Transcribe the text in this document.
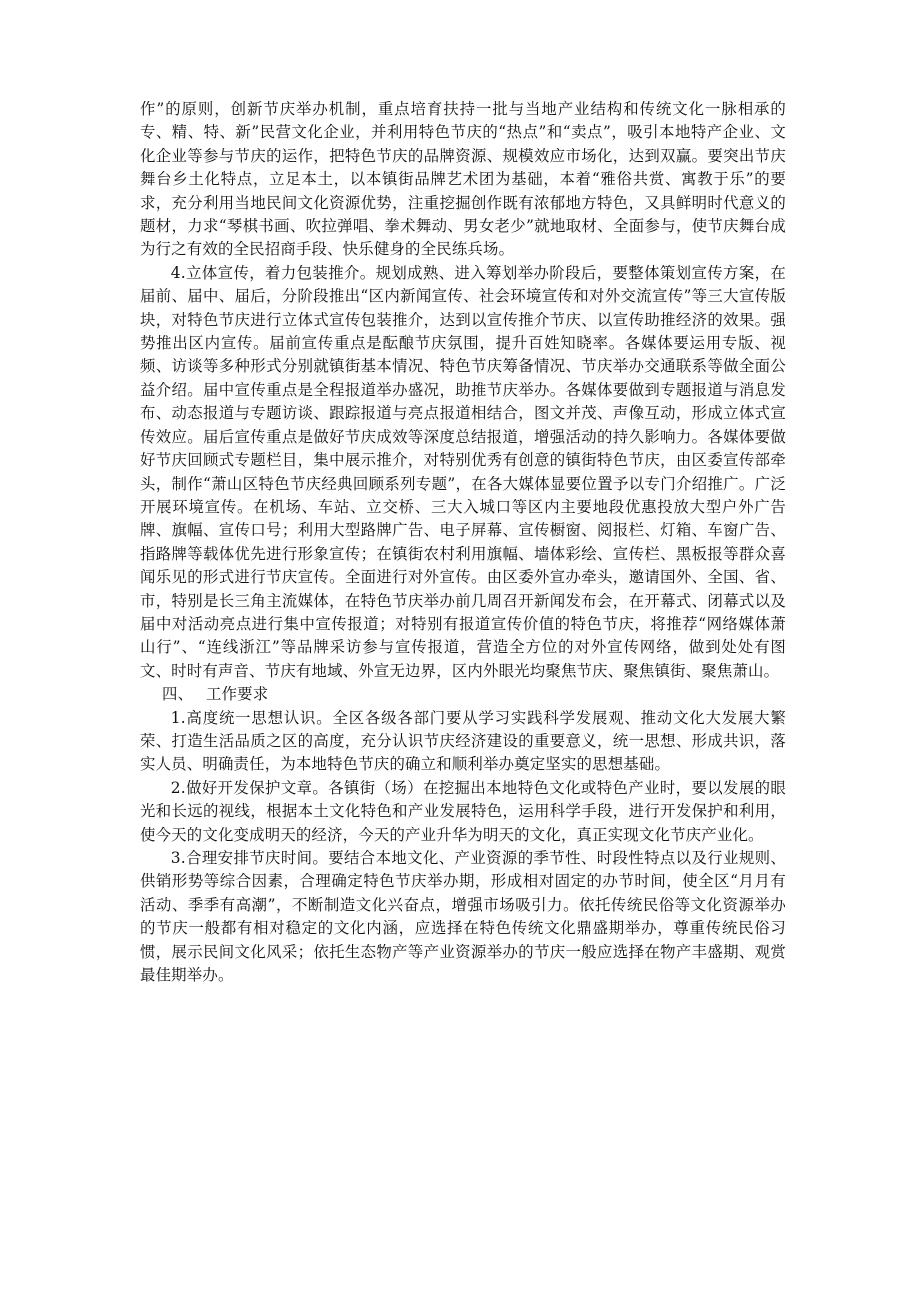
作”的原则，创新节庆举办机制，重点培育扶持一批与当地产业结构和传统文化一脉相承的专、精、特、新”民营文化企业，并利用特色节庆的“热点”和“卖点”，吸引本地特产企业、文化企业等参与节庆的运作，把特色节庆的品牌资源、规模效应市场化，达到双赢。要突出节庆舞台乡土化特点，立足本土，以本镇街品牌艺术团为基础，本着“雅俗共赏、寓教于乐”的要求，充分利用当地民间文化资源优势，注重挖掘创作既有浓郁地方特色，又具鲜明时代意义的题材，力求“琴棋书画、吹拉弹唱、拳术舞动、男女老少”就地取材、全面参与，使节庆舞台成为行之有效的全民招商手段、快乐健身的全民练兵场。

4.立体宣传，着力包装推介。规划成熟、进入筹划举办阶段后，要整体策划宣传方案，在届前、届中、届后，分阶段推出“区内新闻宣传、社会环境宣传和对外交流宣传”等三大宣传版块，对特色节庆进行立体式宣传包装推介，达到以宣传推介节庆、以宣传助推经济的效果。强势推出区内宣传。届前宣传重点是酝酿节庆氛围，提升百姓知晓率。各媒体要运用专版、视频、访谈等多种形式分别就镇街基本情况、特色节庆筹备情况、节庆举办交通联系等做全面公益介绍。届中宣传重点是全程报道举办盛况，助推节庆举办。各媒体要做到专题报道与消息发布、动态报道与专题访谈、跟踪报道与亮点报道相结合，图文并茂、声像互动，形成立体式宣传效应。届后宣传重点是做好节庆成效等深度总结报道，增强活动的持久影响力。各媒体要做好节庆回顾式专题栏目，集中展示推介，对特别优秀有创意的镇街特色节庆，由区委宣传部牵头，制作“萧山区特色节庆经典回顾系列专题”，在各大媒体显要位置予以专门介绍推广。广泛开展环境宣传。在机场、车站、立交桥、三大入城口等区内主要地段优惠投放大型户外广告牌、旗幅、宣传口号；利用大型路牌广告、电子屏幕、宣传橱窗、阅报栏、灯箱、车窗广告、指路牌等载体优先进行形象宣传；在镇街农村利用旗幅、墙体彩绘、宣传栏、黑板报等群众喜闻乐见的形式进行节庆宣传。全面进行对外宣传。由区委外宣办牵头，邀请国外、全国、省、市，特别是长三角主流媒体，在特色节庆举办前几周召开新闻发布会，在开幕式、闭幕式以及届中对活动亮点进行集中宣传报道；对特别有报道宣传价值的特色节庆，将推荐“网络媒体萧山行”、“连线浙江”等品牌采访参与宣传报道，营造全方位的对外宣传网络，做到处处有图文、时时有声音、节庆有地域、外宣无边界，区内外眼光均聚焦节庆、聚焦镇街、聚焦萧山。

四、 工作要求

1.高度统一思想认识。全区各级各部门要从学习实践科学发展观、推动文化大发展大繁荣、打造生活品质之区的高度，充分认识节庆经济建设的重要意义，统一思想、形成共识，落实人员、明确责任，为本地特色节庆的确立和顺利举办奠定坚实的思想基础。

2.做好开发保护文章。各镇街（场）在挖掘出本地特色文化或特色产业时，要以发展的眼光和长远的视线，根据本土文化特色和产业发展特色，运用科学手段，进行开发保护和利用，使今天的文化变成明天的经济，今天的产业升华为明天的文化，真正实现文化节庆产业化。

3.合理安排节庆时间。要结合本地文化、产业资源的季节性、时段性特点以及行业规则、供销形势等综合因素，合理确定特色节庆举办期，形成相对固定的办节时间，使全区“月月有活动、季季有高潮”，不断制造文化兴奋点，增强市场吸引力。依托传统民俗等文化资源举办的节庆一般都有相对稳定的文化内涵，应选择在特色传统文化鼎盛期举办，尊重传统民俗习惯，展示民间文化风采；依托生态物产等产业资源举办的节庆一般应选择在物产丰盛期、观赏最佳期举办。
